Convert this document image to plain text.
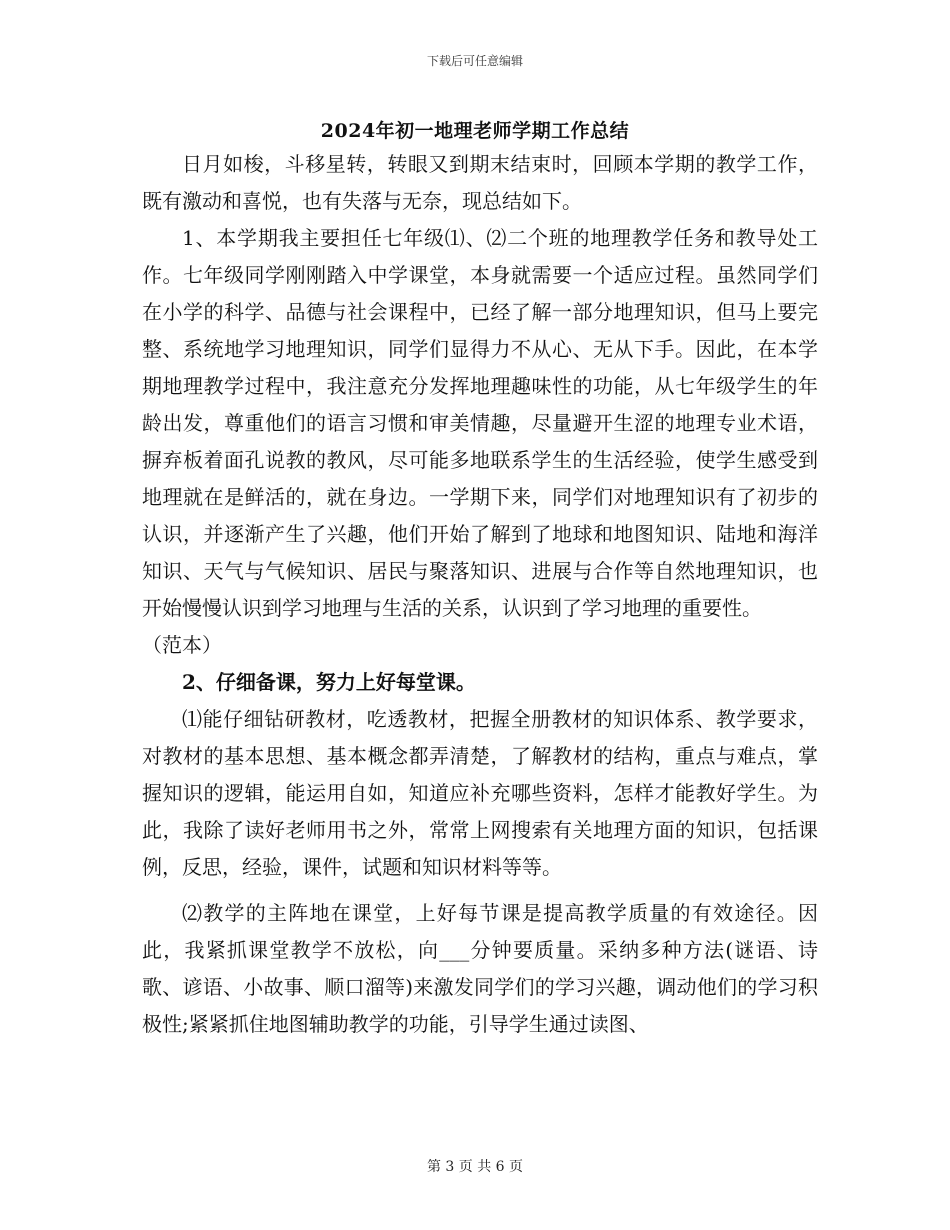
下载后可任意编辑
2024年初一地理老师学期工作总结

日月如梭，斗移星转，转眼又到期末结束时，回顾本学期的教学工作，既有激动和喜悦，也有失落与无奈，现总结如下。

1、本学期我主要担任七年级⑴、⑵二个班的地理教学任务和教导处工作。七年级同学刚刚踏入中学课堂，本身就需要一个适应过程。虽然同学们在小学的科学、品德与社会课程中，已经了解一部分地理知识，但马上要完整、系统地学习地理知识，同学们显得力不从心、无从下手。因此，在本学期地理教学过程中，我注意充分发挥地理趣味性的功能，从七年级学生的年龄出发，尊重他们的语言习惯和审美情趣，尽量避开生涩的地理专业术语，摒弃板着面孔说教的教风，尽可能多地联系学生的生活经验，使学生感受到地理就在是鲜活的，就在身边。一学期下来，同学们对地理知识有了初步的认识，并逐渐产生了兴趣，他们开始了解到了地球和地图知识、陆地和海洋知识、天气与气候知识、居民与聚落知识、进展与合作等自然地理知识，也开始慢慢认识到学习地理与生活的关系，认识到了学习地理的重要性。

（范本）

2、仔细备课，努力上好每堂课。

⑴能仔细钻研教材，吃透教材，把握全册教材的知识体系、教学要求，对教材的基本思想、基本概念都弄清楚，了解教材的结构，重点与难点，掌握知识的逻辑，能运用自如，知道应补充哪些资料，怎样才能教好学生。为此，我除了读好老师用书之外，常常上网搜索有关地理方面的知识，包括课例，反思，经验，课件，试题和知识材料等等。

⑵教学的主阵地在课堂，上好每节课是提高教学质量的有效途径。因此，我紧抓课堂教学不放松，向___分钟要质量。采纳多种方法(谜语、诗歌、谚语、小故事、顺口溜等)来激发同学们的学习兴趣，调动他们的学习积极性;紧紧抓住地图辅助教学的功能，引导学生通过读图、

第 3 页 共 6 页
